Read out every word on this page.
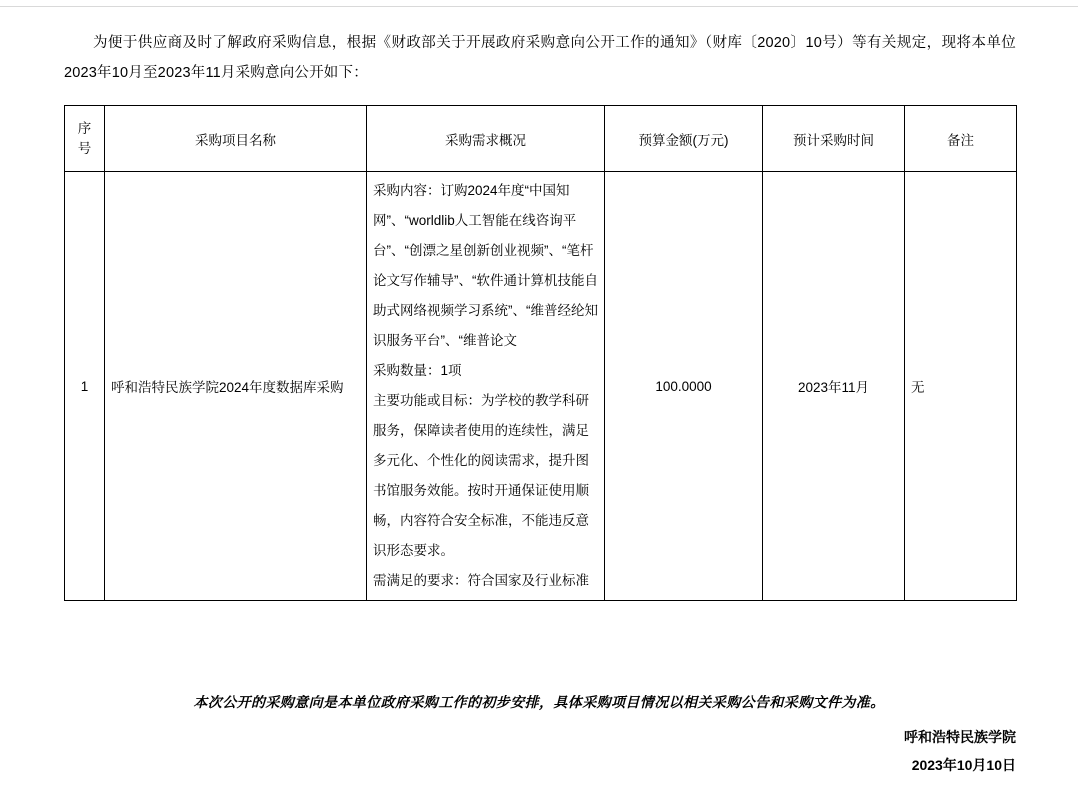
为便于供应商及时了解政府采购信息，根据《财政部关于开展政府采购意向公开工作的通知》（财库〔2020〕10号）等有关规定，现将本单位2023年10月至2023年11月采购意向公开如下：
序
号	采购项目名称	采购需求概况	预算金额(万元)	预计采购时间	备注
1	呼和浩特民族学院2024年度数据库采购	采购内容：订购2024年度“中国知网”、“worldlib人工智能在线咨询平台”、“创漂之星创新创业视频”、“笔杆论文写作辅导”、“软件通计算机技能自助式网络视频学习系统”、“维普经纶知识服务平台”、“维普论文

采购数量：1项

主要功能或目标：为学校的教学科研服务，保障读者使用的连续性，满足多元化、个性化的阅读需求，提升图书馆服务效能。按时开通保证使用顺畅，内容符合安全标准，不能违反意识形态要求。

需满足的要求：符合国家及行业标准	100.0000	2023年11月	无
本次公开的采购意向是本单位政府采购工作的初步安排，具体采购项目情况以相关采购公告和采购文件为准。
呼和浩特民族学院
2023年10月10日
